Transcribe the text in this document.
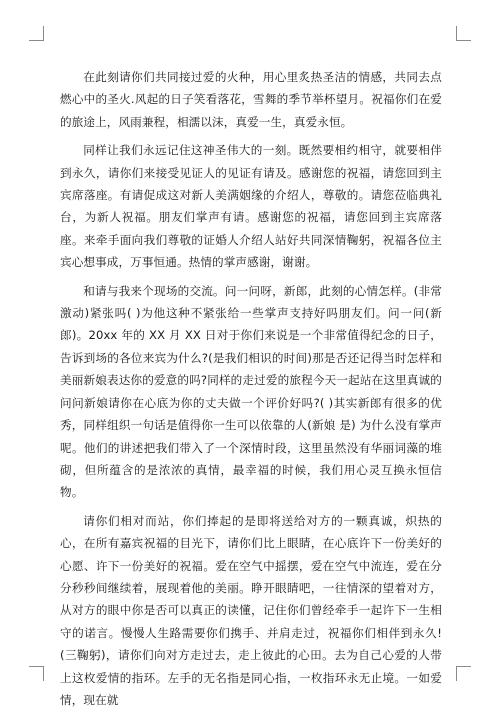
在此刻请你们共同接过爱的火种，用心里炙热圣洁的情感，共同去点燃心中的圣火.风起的日子笑看落花，雪舞的季节举杯望月。祝福你们在爱的旅途上，风雨兼程，相濡以沫，真爱一生，真爱永恒。

同样让我们永远记住这神圣伟大的一刻。既然要相约相守，就要相伴到永久，请你们来接受见证人的见证有请及。感谢您的祝福，请您回到主宾席落座。有请促成这对新人美满姻缘的介绍人，尊敬的。请您莅临典礼台，为新人祝福。朋友们掌声有请。感谢您的祝福，请您回到主宾席落座。来牵手面向我们尊敬的证婚人介绍人站好共同深情鞠躬，祝福各位主宾心想事成，万事恒通。热情的掌声感谢，谢谢。

和请与我来个现场的交流。问一问呀，新郎，此刻的心情怎样。(非常激动)紧张吗( )为他这种不紧张给一些掌声支持好吗朋友们。问一问(新郎)。20xx 年的 XX 月 XX 日对于你们来说是一个非常值得纪念的日子，告诉到场的各位来宾为什么?(是我们相识的时间)那是否还记得当时怎样和美丽新娘表达你的爱意的吗?同样的走过爱的旅程今天一起站在这里真诚的问问新娘请你在心底为你的丈夫做一个评价好吗?( )其实新郎有很多的优秀，同样组织一句话是值得你一生可以依靠的人(新娘 是) 为什么没有掌声呢。他们的讲述把我们带入了一个深情时段，这里虽然没有华丽词藻的堆砌，但所蕴含的是浓浓的真情，最幸福的时候，我们用心灵互换永恒信物。

请你们相对而站，你们捧起的是即将送给对方的一颗真诚，炽热的心，在所有嘉宾祝福的目光下，请你们比上眼睛，在心底许下一份美好的心愿、许下一份美好的祝福。爱在空气中摇摆，爱在空气中流连，爱在分分秒秒间继续着，展现着他的美丽。睁开眼睛吧，一往情深的望着对方，从对方的眼中你是否可以真正的读懂，记住你们曾经牵手一起许下一生相守的诺言。慢慢人生路需要你们携手、并肩走过，祝福你们相伴到永久!(三鞠躬)，请你们向对方走过去，走上彼此的心田。去为自己心爱的人带上这枚爱情的指环。左手的无名指是同心指，一枚指环永无止境。一如爱情，现在就
